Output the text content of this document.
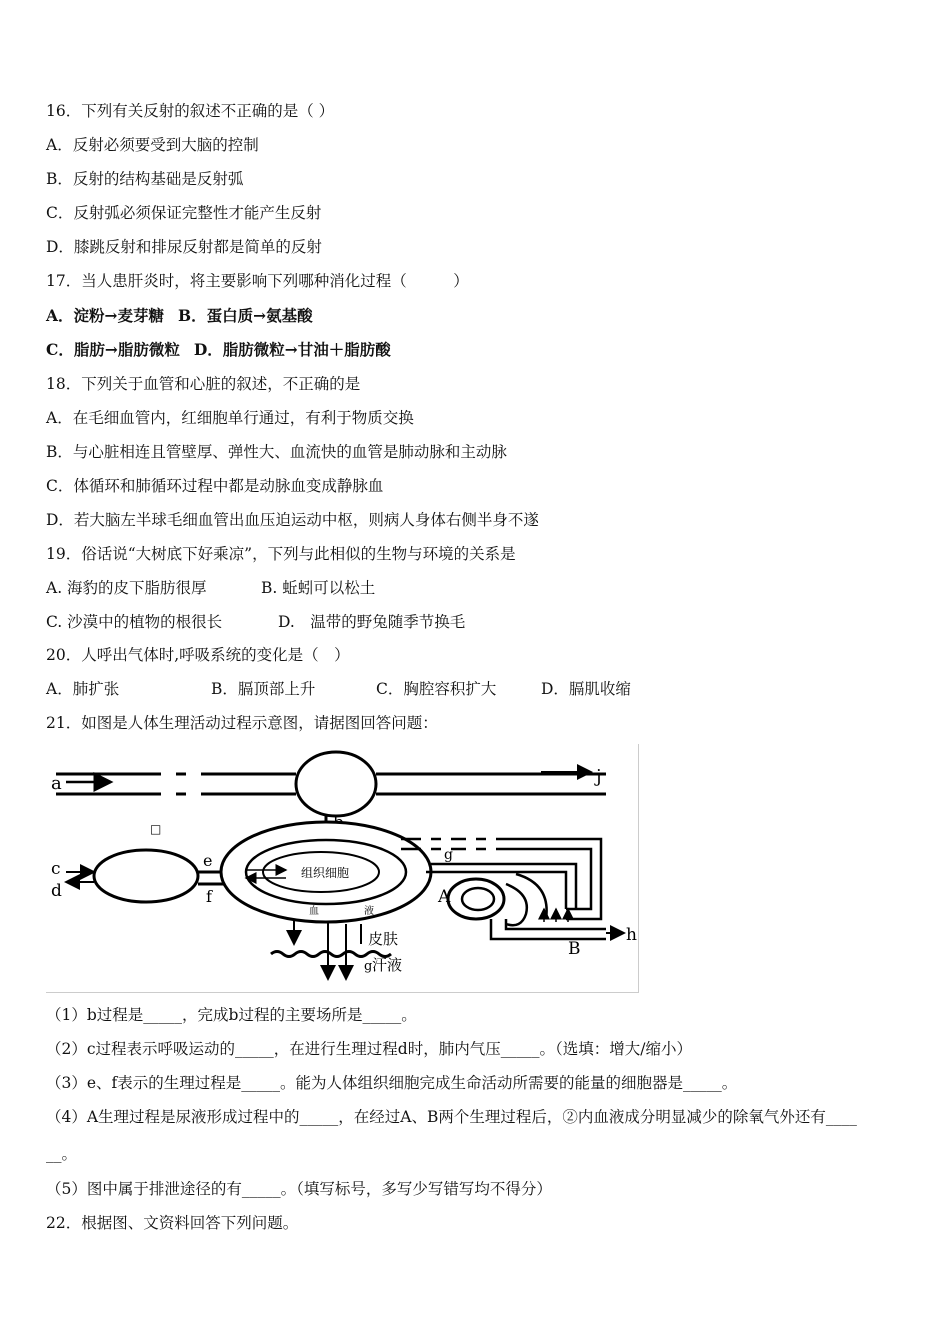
16．下列有关反射的叙述不正确的是（ ）
A．反射必须要受到大脑的控制
B．反射的结构基础是反射弧
C．反射弧必须保证完整性才能产生反射
D．膝跳反射和排尿反射都是简单的反射
17．当人患肝炎时，将主要影响下列哪种消化过程（　　　）
A．淀粉→麦芽糖 B．蛋白质→氨基酸
C．脂肪→脂肪微粒 D．脂肪微粒→甘油＋脂肪酸
18．下列关于血管和心脏的叙述，不正确的是
A．在毛细血管内，红细胞单行通过，有利于物质交换
B．与心脏相连且管壁厚、弹性大、血流快的血管是肺动脉和主动脉
C．体循环和肺循环过程中都是动脉血变成静脉血
D．若大脑左半球毛细血管出血压迫运动中枢，则病人身体右侧半身不遂
19．俗话说“大树底下好乘凉”，下列与此相似的生物与环境的关系是
A. 海豹的皮下脂肪很厚	B. 蚯蚓可以松土
C. 沙漠中的植物的根很长	D.　温带的野兔随季节换毛
20．人呼出气体时,呼吸系统的变化是（　）
A．肺扩张	B．膈顶部上升	C．胸腔容积扩大	D．膈肌收缩
21．如图是人体生理活动过程示意图，请据图回答问题：
a	j
□
c
d
e
f
组织细胞
血	液
皮肤
g 汗液
g
A
B
h
（1）b过程是_____，完成b过程的主要场所是_____。
（2）c过程表示呼吸运动的_____，在进行生理过程d时，肺内气压_____。（选填：增大/缩小）
（3）e、f表示的生理过程是_____。能为人体组织细胞完成生命活动所需要的能量的细胞器是_____。
（4）A生理过程是尿液形成过程中的_____，在经过A、B两个生理过程后，②内血液成分明显减少的除氧气外还有____
__。
（5）图中属于排泄途径的有_____。（填写标号，多写少写错写均不得分）
22．根据图、文资料回答下列问题。
